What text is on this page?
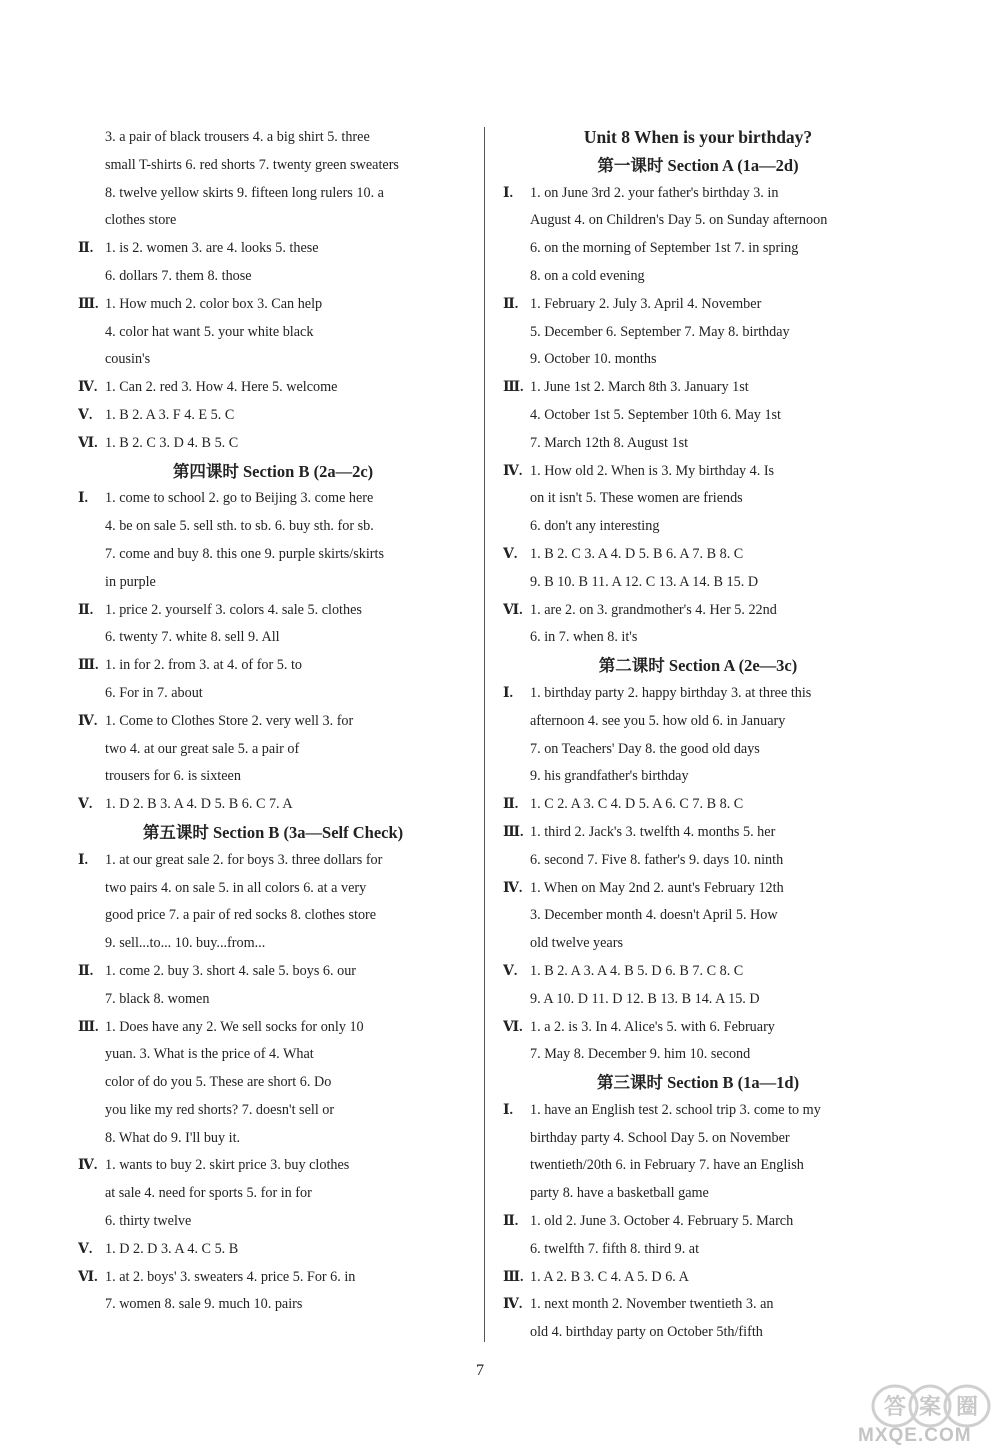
3. a pair of black trousers 4. a big shirt 5. three
small T-shirts 6. red shorts 7. twenty green sweaters
8. twelve yellow skirts 9. fifteen long rulers 10. a
clothes store
Ⅱ. 1. is 2. women 3. are 4. looks 5. these
6. dollars 7. them 8. those
Ⅲ. 1. How much 2. color box 3. Can help
4. color hat want 5. your white black
cousin's
Ⅳ. 1. Can 2. red 3. How 4. Here 5. welcome
Ⅴ. 1. B 2. A 3. F 4. E 5. C
Ⅵ. 1. B 2. C 3. D 4. B 5. C
第四课时 Section B (2a—2c)
Ⅰ. 1. come to school 2. go to Beijing 3. come here
4. be on sale 5. sell sth. to sb. 6. buy sth. for sb.
7. come and buy 8. this one 9. purple skirts/skirts
in purple
Ⅱ. 1. price 2. yourself 3. colors 4. sale 5. clothes
6. twenty 7. white 8. sell 9. All
Ⅲ. 1. in for 2. from 3. at 4. of for 5. to
6. For in 7. about
Ⅳ. 1. Come to Clothes Store 2. very well 3. for
two 4. at our great sale 5. a pair of
trousers for 6. is sixteen
Ⅴ. 1. D 2. B 3. A 4. D 5. B 6. C 7. A
第五课时 Section B (3a—Self Check)
Ⅰ. 1. at our great sale 2. for boys 3. three dollars for
two pairs 4. on sale 5. in all colors 6. at a very
good price 7. a pair of red socks 8. clothes store
9. sell...to... 10. buy...from...
Ⅱ. 1. come 2. buy 3. short 4. sale 5. boys 6. our
7. black 8. women
Ⅲ. 1. Does have any 2. We sell socks for only 10
yuan. 3. What is the price of 4. What
color of do you 5. These are short 6. Do
you like my red shorts? 7. doesn't sell or
8. What do 9. I'll buy it.
Ⅳ. 1. wants to buy 2. skirt price 3. buy clothes
at sale 4. need for sports 5. for in for
6. thirty twelve
Ⅴ. 1. D 2. D 3. A 4. C 5. B
Ⅵ. 1. at 2. boys' 3. sweaters 4. price 5. For 6. in
7. women 8. sale 9. much 10. pairs
Unit 8 When is your birthday?
第一课时 Section A (1a—2d)
Ⅰ. 1. on June 3rd 2. your father's birthday 3. in
August 4. on Children's Day 5. on Sunday afternoon
6. on the morning of September 1st 7. in spring
8. on a cold evening
Ⅱ. 1. February 2. July 3. April 4. November
5. December 6. September 7. May 8. birthday
9. October 10. months
Ⅲ. 1. June 1st 2. March 8th 3. January 1st
4. October 1st 5. September 10th 6. May 1st
7. March 12th 8. August 1st
Ⅳ. 1. How old 2. When is 3. My birthday 4. Is
on it isn't 5. These women are friends
6. don't any interesting
Ⅴ. 1. B 2. C 3. A 4. D 5. B 6. A 7. B 8. C
9. B 10. B 11. A 12. C 13. A 14. B 15. D
Ⅵ. 1. are 2. on 3. grandmother's 4. Her 5. 22nd
6. in 7. when 8. it's
第二课时 Section A (2e—3c)
Ⅰ. 1. birthday party 2. happy birthday 3. at three this
afternoon 4. see you 5. how old 6. in January
7. on Teachers' Day 8. the good old days
9. his grandfather's birthday
Ⅱ. 1. C 2. A 3. C 4. D 5. A 6. C 7. B 8. C
Ⅲ. 1. third 2. Jack's 3. twelfth 4. months 5. her
6. second 7. Five 8. father's 9. days 10. ninth
Ⅳ. 1. When on May 2nd 2. aunt's February 12th
3. December month 4. doesn't April 5. How
old twelve years
Ⅴ. 1. B 2. A 3. A 4. B 5. D 6. B 7. C 8. C
9. A 10. D 11. D 12. B 13. B 14. A 15. D
Ⅵ. 1. a 2. is 3. In 4. Alice's 5. with 6. February
7. May 8. December 9. him 10. second
第三课时 Section B (1a—1d)
Ⅰ. 1. have an English test 2. school trip 3. come to my
birthday party 4. School Day 5. on November
twentieth/20th 6. in February 7. have an English
party 8. have a basketball game
Ⅱ. 1. old 2. June 3. October 4. February 5. March
6. twelfth 7. fifth 8. third 9. at
Ⅲ. 1. A 2. B 3. C 4. A 5. D 6. A
Ⅳ. 1. next month 2. November twentieth 3. an
old 4. birthday party on October 5th/fifth
7
答 案 圈
MXQE.COM
